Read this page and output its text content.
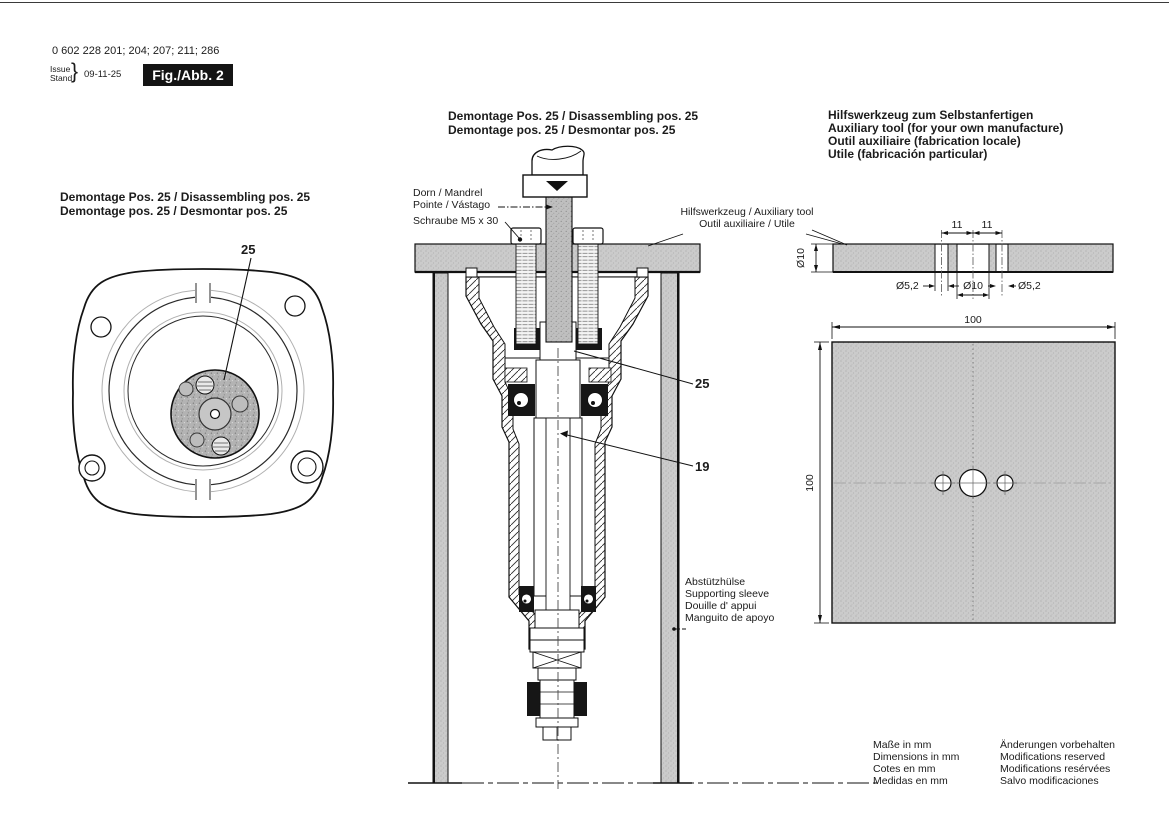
0 602 228 201; 204; 207; 211; 286
Issue
Stand
} 09-11-25	Fig./Abb. 2
Demontage Pos. 25 / Disassembling pos. 25
Demontage pos. 25 / Desmontar pos. 25
25
Demontage Pos. 25 / Disassembling pos. 25
Demontage pos. 25 / Desmontar pos. 25
Dorn / Mandrel
Pointe / Vástago
Schraube M5 x 30
Hilfswerkzeug / Auxiliary tool
Outil auxiliaire / Utile
25
19
Abstützhülse
Supporting sleeve
Douille d' appui
Manguito de apoyo
Hilfswerkzeug zum Selbstanfertigen
Auxiliary tool (for your own manufacture)
Outil auxiliaire (fabrication locale)
Utile (fabricación particular)
11	11
Ø10
Ø5,2	Ø10	Ø5,2
100
100
Maße in mm
Dimensions in mm
Cotes en mm
Medidas en mm
Änderungen vorbehalten
Modifications reserved
Modifications resérvées
Salvo modificaciones
